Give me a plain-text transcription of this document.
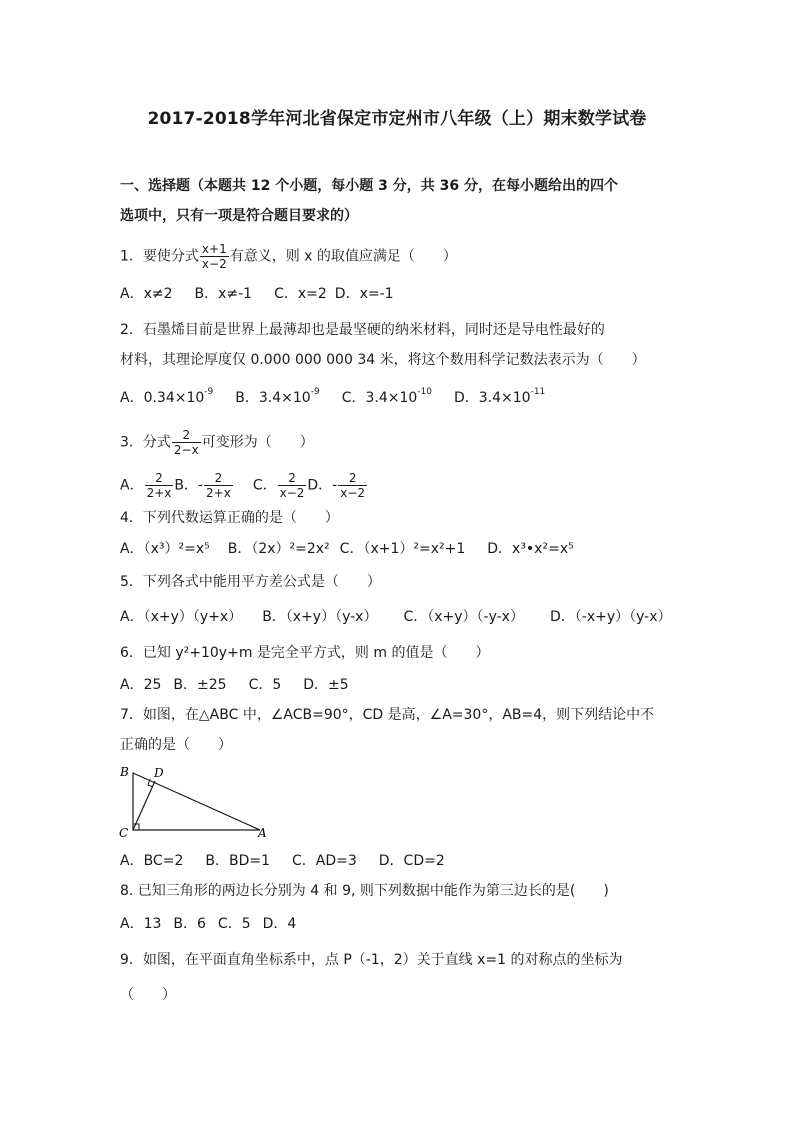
2017-2018学年河北省保定市定州市八年级（上）期末数学试卷
一、选择题（本题共 12 个小题，每小题 3 分，共 36 分，在每小题给出的四个
选项中，只有一项是符合题目要求的）
1．要使分式 $\frac{x+1}{x-2}$ 有意义，则 x 的取值应满足（　　）
A．x≠2 B．x≠-1 C．x=2 D．x=-1
2．石墨烯目前是世界上最薄却也是最坚硬的纳米材料，同时还是导电性最好的
材料，其理论厚度仅 0.000 000 000 34 米，将这个数用科学记数法表示为（　　）
A．$0.34\times 10^{-9}$ B．$3.4\times 10^{-9}$ C．$3.4\times 10^{-10}$ D．$3.4\times 10^{-11}$
3．分式 $\frac{2}{2-x}$ 可变形为（　　）
A． $\frac{2}{2+x}$ B．- $\frac{2}{2+x}$ C． $\frac{2}{x-2}$ D．- $\frac{2}{x-2}$
4．下列代数运算正确的是（　　）
A．（x³）²=x⁵ B．（2x）²=2x² C．（x+1）²=x²+1 D．x³•x²=x⁵
5．下列各式中能用平方差公式是（　　）
A．（x+y）（y+x） B．（x+y）（y-x） C．（x+y）（-y-x） D．（-x+y）（y-x）
6．已知 y²+10y+m 是完全平方式，则 m 的值是（　　）
A．25 B．±25 C．5 D．±5
7．如图，在△ABC 中，∠ACB=90°，CD 是高，∠A=30°，AB=4，则下列结论中不
正确的是（　　）
B D
C	A
A．BC=2 B．BD=1 C．AD=3 D．CD=2
8. 已知三角形的两边长分别为 4 和 9, 则下列数据中能作为第三边长的是(　　)
A．13 B．6 C．5 D．4
9．如图，在平面直角坐标系中，点 P（-1，2）关于直线 x=1 的对称点的坐标为
（　　）
